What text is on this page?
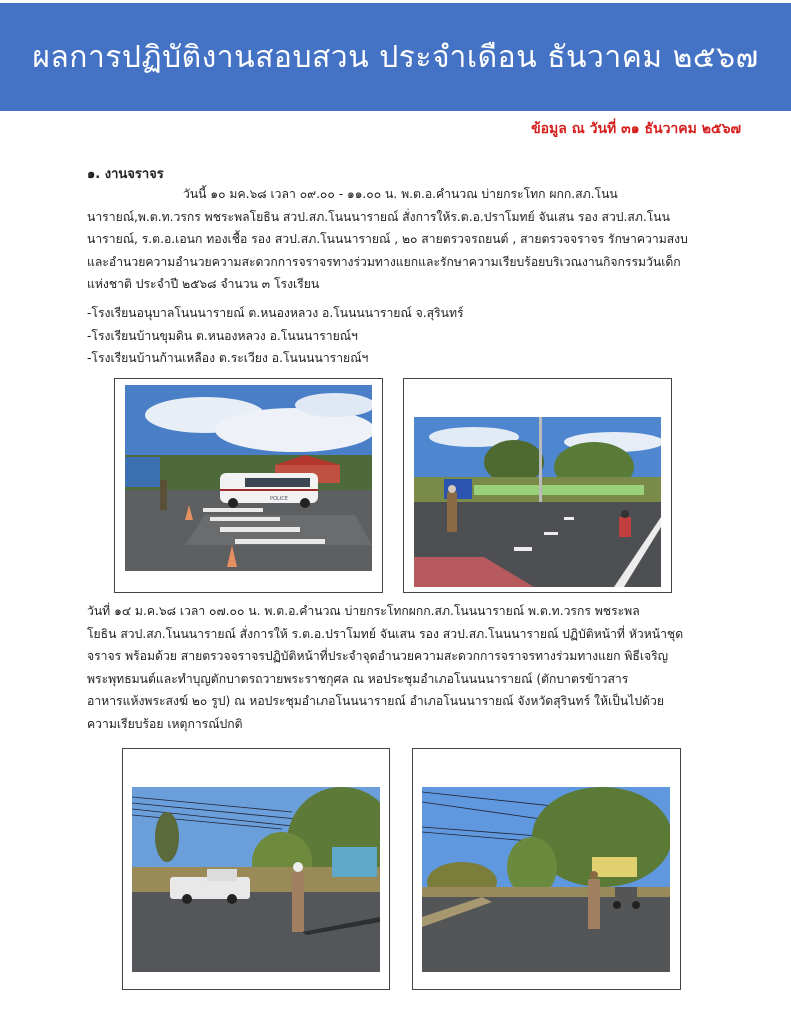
ผลการปฏิบัติงานสอบสวน ประจำเดือน ธันวาคม ๒๕๖๗
ข้อมูล ณ วันที่ ๓๑ ธันวาคม ๒๕๖๗
๑. งานจราจร
วันนี้ ๑๐ มค.๖๘ เวลา ๐๙.๐๐ - ๑๑.๐๐ น. พ.ต.อ.คำนวณ บ่ายกระโทก ผกก.สภ.โนน
นารายณ์,พ.ต.ท.วรกร พชระพลโยธิน สวป.สภ.โนนนารายณ์ สั่งการให้ร.ต.อ.ปราโมทย์ จันเสน รอง สวป.สภ.โนน
นารายณ์, ร.ต.อ.เอนก ทองเชื้อ รอง สวป.สภ.โนนนารายณ์ , ๒๐ สายตรวจรถยนต์ , สายตรวจจราจร รักษาความสงบ
และอำนวยความอำนวยความสะดวกการจราจรทางร่วมทางแยกและรักษาความเรียบร้อยบริเวณงานกิจกรรมวันเด็ก
แห่งชาติ ประจำปี ๒๕๖๘ จำนวน ๓ โรงเรียน
-โรงเรียนอนุบาลโนนนารายณ์ ต.หนองหลวง อ.โนนนนารายณ์ จ.สุรินทร์
-โรงเรียนบ้านขุมดิน ต.หนองหลวง อ.โนนนารายณ์ฯ
-โรงเรียนบ้านก้านเหลือง ต.ระเวียง อ.โนนนนารายณ์ฯ
POLICE
วันที่ ๑๔ ม.ค.๖๘ เวลา ๐๗.๐๐ น. พ.ต.อ.คำนวณ บ่ายกระโทกผกก.สภ.โนนนารายณ์ พ.ต.ท.วรกร พชระพล
โยธิน สวป.สภ.โนนนารายณ์ สั่งการให้ ร.ต.อ.ปราโมทย์ จันเสน รอง สวป.สภ.โนนนารายณ์ ปฏิบัติหน้าที่ หัวหน้าชุด
จราจร พร้อมด้วย สายตรวจจราจรปฏิบัติหน้าที่ประจำจุดอำนวยความสะดวกการจราจรทางร่วมทางแยก พิธีเจริญ
พระพุทธมนต์และทำบุญตักบาตรถวายพระราชกุศล ณ หอประชุมอำเภอโนนนนารายณ์ (ตักบาตรข้าวสาร
อาหารแห้งพระสงฆ์ ๒๐ รูป) ณ หอประชุมอำเภอโนนนารายณ์ อำเภอโนนนารายณ์ จังหวัดสุรินทร์ ให้เป็นไปด้วย
ความเรียบร้อย เหตุการณ์ปกติ
